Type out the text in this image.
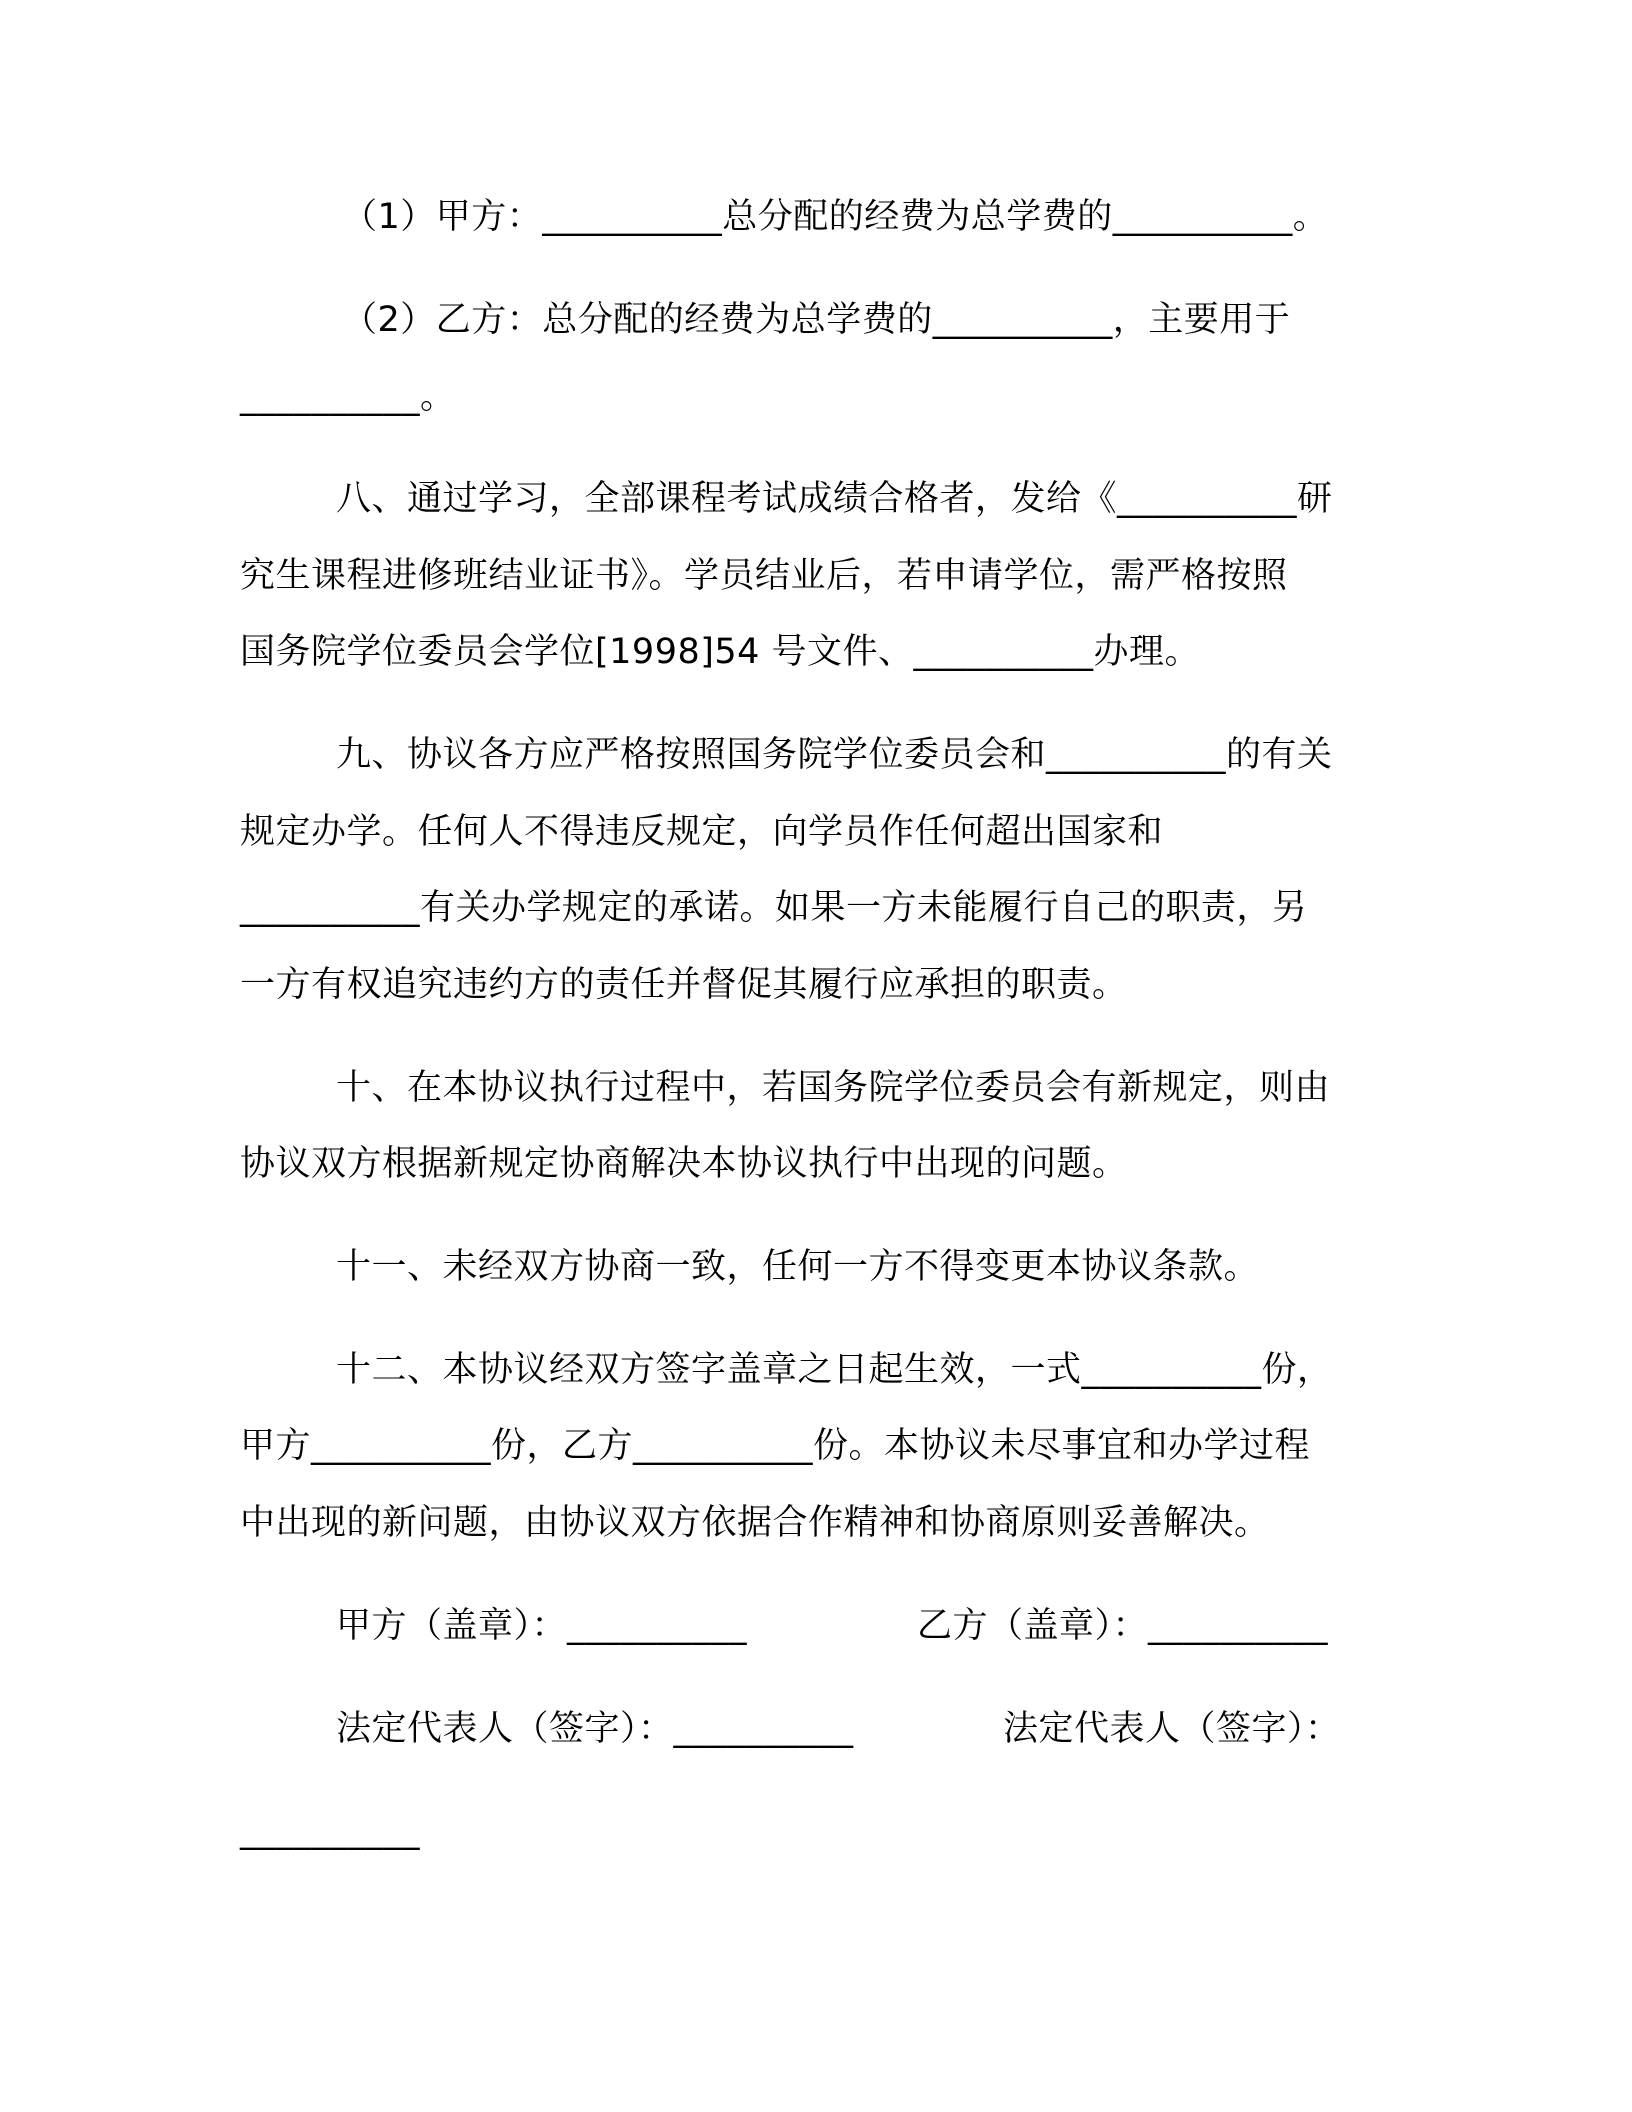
（1）甲方：__________总分配的经费为总学费的__________。
（2）乙方：总分配的经费为总学费的__________，主要用于
__________。
八、通过学习，全部课程考试成绩合格者，发给《__________研
究生课程进修班结业证书》。学员结业后，若申请学位，需严格按照
国务院学位委员会学位[1998]54 号文件、__________办理。
九、协议各方应严格按照国务院学位委员会和__________的有关
规定办学。任何人不得违反规定，向学员作任何超出国家和
__________有关办学规定的承诺。如果一方未能履行自己的职责，另
一方有权追究违约方的责任并督促其履行应承担的职责。
十、在本协议执行过程中，若国务院学位委员会有新规定，则由
协议双方根据新规定协商解决本协议执行中出现的问题。
十一、未经双方协商一致，任何一方不得变更本协议条款。
十二、本协议经双方签字盖章之日起生效，一式__________份，
甲方__________份，乙方__________份。本协议未尽事宜和办学过程
中出现的新问题，由协议双方依据合作精神和协商原则妥善解决。
甲方（盖章）：__________	乙方（盖章）：__________
法定代表人（签字）：__________	法定代表人（签字）：
__________
